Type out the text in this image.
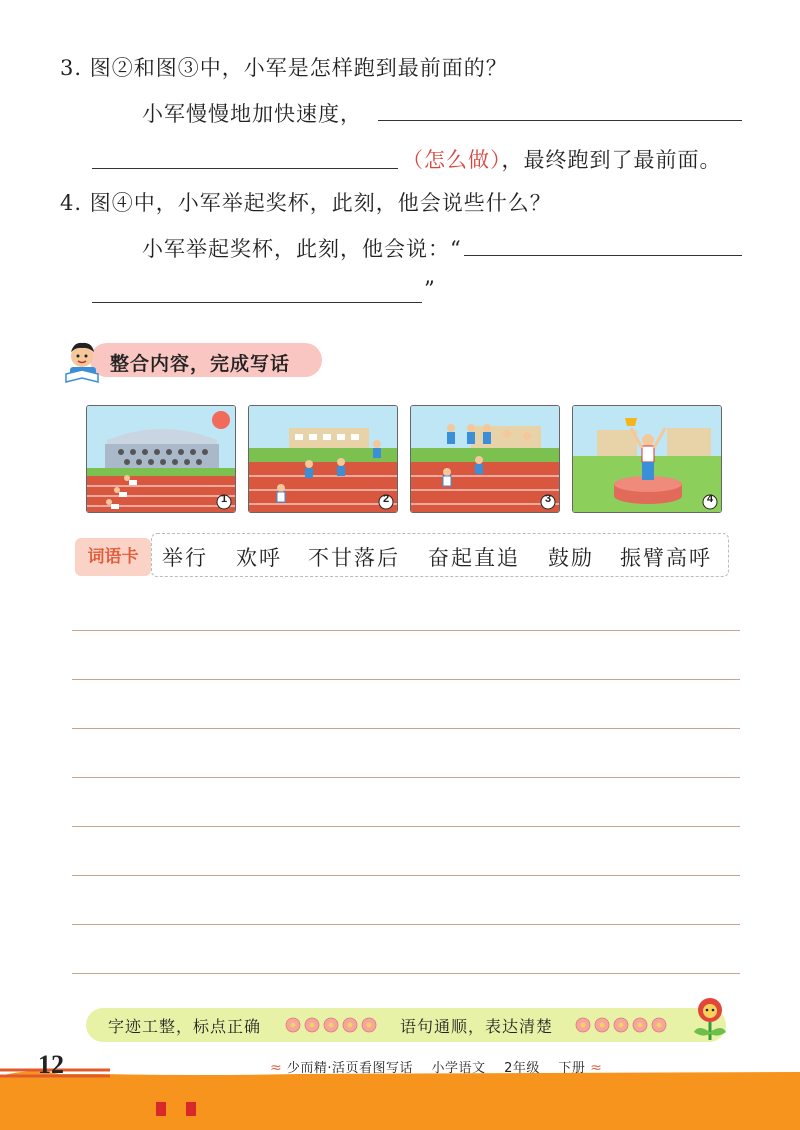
3. 图②和图③中，小军是怎样跑到最前面的？
小军慢慢地加快速度，
（怎么做），最终跑到了最前面。
4. 图④中，小军举起奖杯，此刻，他会说些什么？
小军举起奖杯，此刻，他会说：“
”
整合内容，完成写话
1	2	3	4
词语卡	举行 欢呼 不甘落后 奋起直追 鼓励 振臂高呼
字迹工整，标点正确	语句通顺，表达清楚
12	≈ 少而精·活页看图写话 小学语文 2年级 下册 ≈
